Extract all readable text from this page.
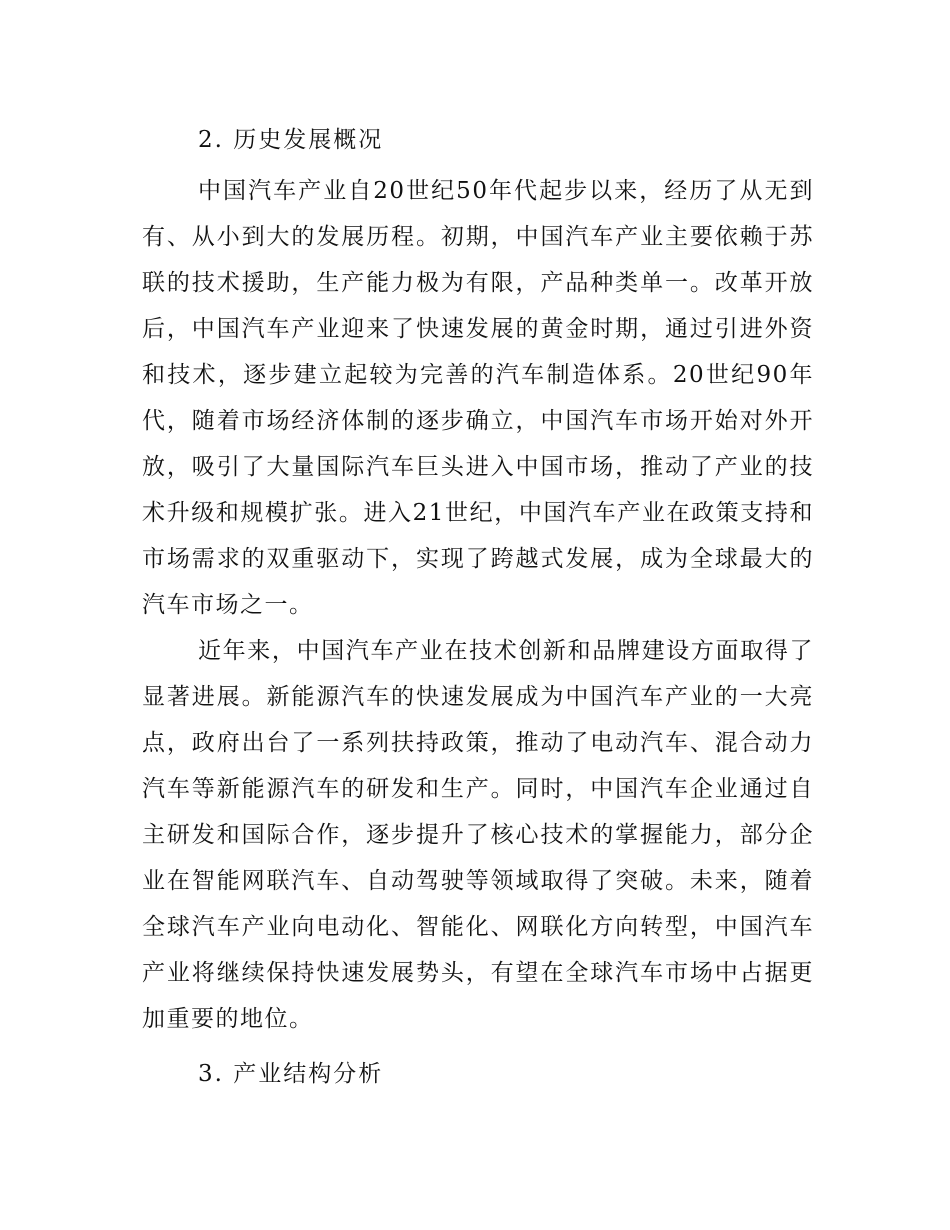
2. 历史发展概况

中国汽车产业自20世纪50年代起步以来，经历了从无到有、从小到大的发展历程。初期，中国汽车产业主要依赖于苏联的技术援助，生产能力极为有限，产品种类单一。改革开放后，中国汽车产业迎来了快速发展的黄金时期，通过引进外资和技术，逐步建立起较为完善的汽车制造体系。20世纪90年代，随着市场经济体制的逐步确立，中国汽车市场开始对外开放，吸引了大量国际汽车巨头进入中国市场，推动了产业的技术升级和规模扩张。进入21世纪，中国汽车产业在政策支持和市场需求的双重驱动下，实现了跨越式发展，成为全球最大的汽车市场之一。

近年来，中国汽车产业在技术创新和品牌建设方面取得了显著进展。新能源汽车的快速发展成为中国汽车产业的一大亮点，政府出台了一系列扶持政策，推动了电动汽车、混合动力汽车等新能源汽车的研发和生产。同时，中国汽车企业通过自主研发和国际合作，逐步提升了核心技术的掌握能力，部分企业在智能网联汽车、自动驾驶等领域取得了突破。未来，随着全球汽车产业向电动化、智能化、网联化方向转型，中国汽车产业将继续保持快速发展势头，有望在全球汽车市场中占据更加重要的地位。

3. 产业结构分析
